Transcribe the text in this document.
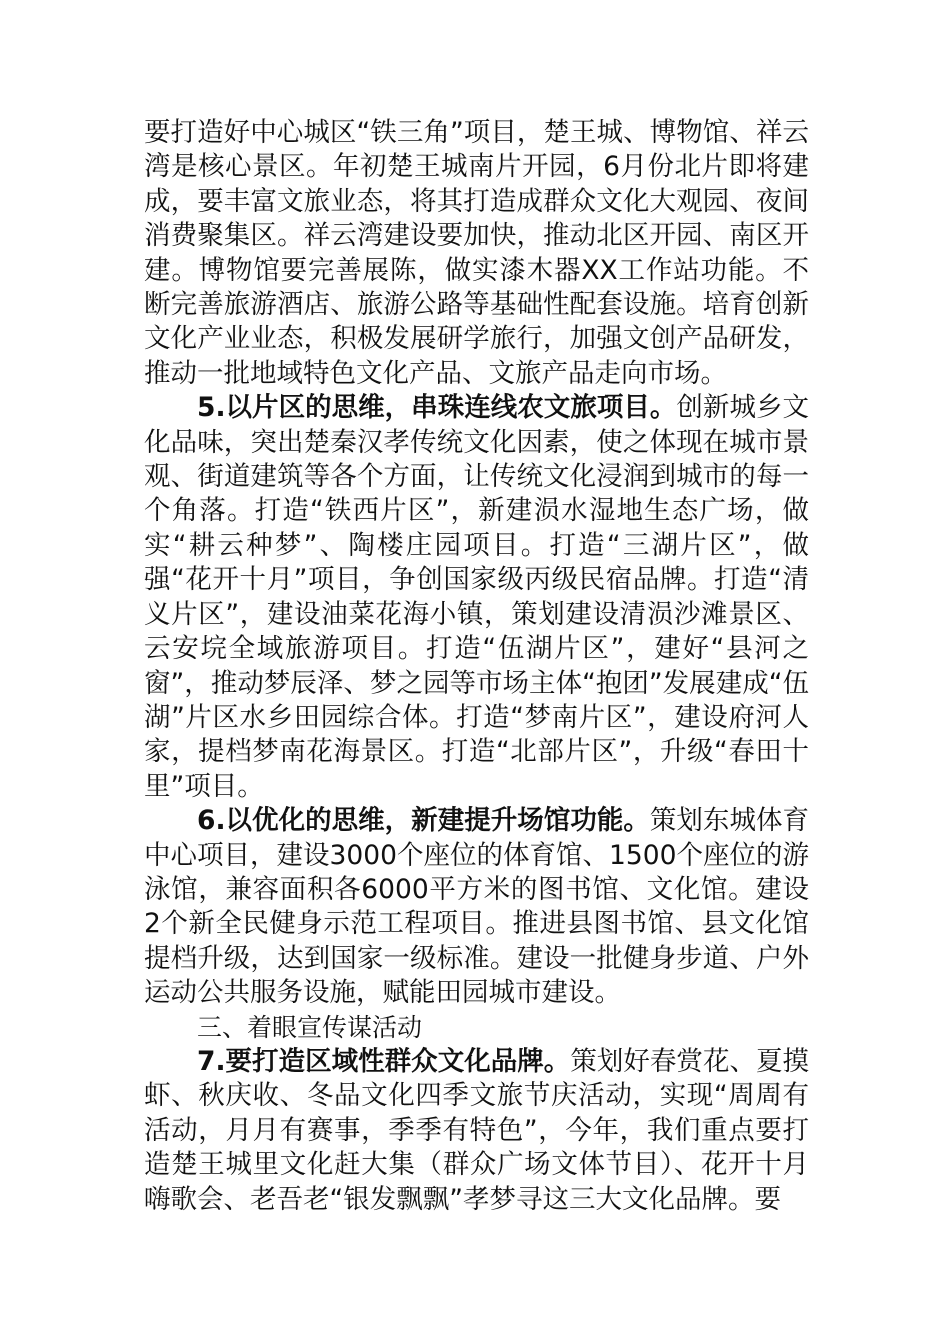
要打造好中心城区“铁三角”项目，楚王城、博物馆、祥云湾是核心景区。年初楚王城南片开园，6月份北片即将建成，要丰富文旅业态，将其打造成群众文化大观园、夜间消费聚集区。祥云湾建设要加快，推动北区开园、南区开建。博物馆要完善展陈，做实漆木器XX工作站功能。不断完善旅游酒店、旅游公路等基础性配套设施。培育创新文化产业业态，积极发展研学旅行，加强文创产品研发，推动一批地域特色文化产品、文旅产品走向市场。

5.以片区的思维，串珠连线农文旅项目。创新城乡文化品味，突出楚秦汉孝传统文化因素，使之体现在城市景观、街道建筑等各个方面，让传统文化浸润到城市的每一个角落。打造“铁西片区”，新建涢水湿地生态广场，做实“耕云种梦”、陶楼庄园项目。打造“三湖片区”，做强“花开十月”项目，争创国家级丙级民宿品牌。打造“清义片区”，建设油菜花海小镇，策划建设清涢沙滩景区、云安垸全域旅游项目。打造“伍湖片区”，建好“县河之窗”，推动梦辰泽、梦之园等市场主体“抱团”发展建成“伍湖”片区水乡田园综合体。打造“梦南片区”，建设府河人家，提档梦南花海景区。打造“北部片区”，升级“春田十里”项目。

6.以优化的思维，新建提升场馆功能。策划东城体育中心项目，建设3000个座位的体育馆、1500个座位的游泳馆，兼容面积各6000平方米的图书馆、文化馆。建设2个新全民健身示范工程项目。推进县图书馆、县文化馆提档升级，达到国家一级标准。建设一批健身步道、户外运动公共服务设施，赋能田园城市建设。

三、着眼宣传谋活动

7.要打造区域性群众文化品牌。策划好春赏花、夏摸虾、秋庆收、冬品文化四季文旅节庆活动，实现“周周有活动，月月有赛事，季季有特色”，今年，我们重点要打造楚王城里文化赶大集（群众广场文体节目）、花开十月嗨歌会、老吾老“银发飘飘”孝梦寻这三大文化品牌。要
